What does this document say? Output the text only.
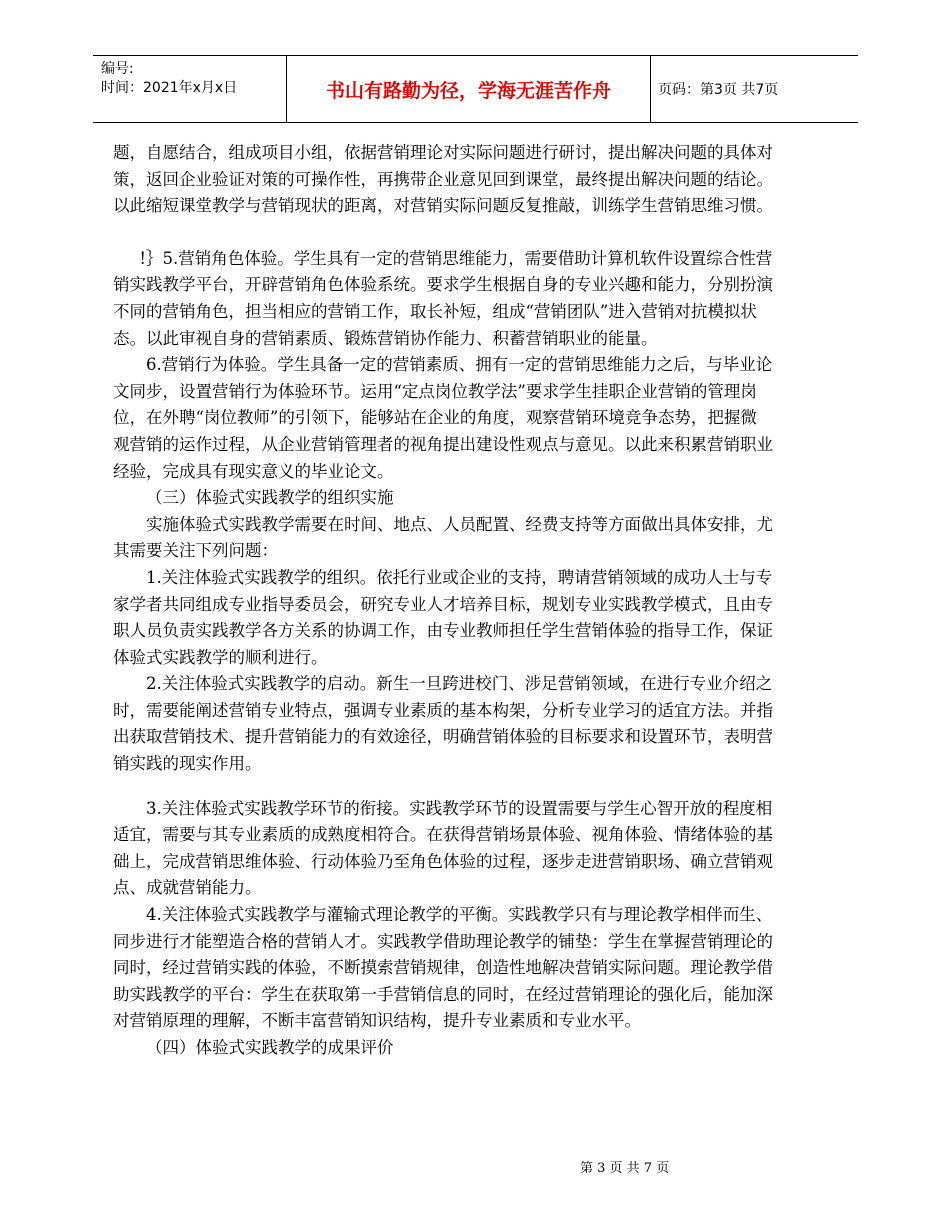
编号:
时间：2021年x月x日	书山有路勤为径，学海无涯苦作舟	页码：第3页 共7页

题，自愿结合，组成项目小组，依据营销理论对实际问题进行研讨，提出解决问题的具体对策，返回企业验证对策的可操作性，再携带企业意见回到课堂，最终提出解决问题的结论。以此缩短课堂教学与营销现状的距离，对营销实际问题反复推敲，训练学生营销思维习惯。

!｝5.营销角色体验。学生具有一定的营销思维能力，需要借助计算机软件设置综合性营销实践教学平台，开辟营销角色体验系统。要求学生根据自身的专业兴趣和能力，分别扮演不同的营销角色，担当相应的营销工作，取长补短，组成“营销团队”进入营销对抗模拟状态。以此审视自身的营销素质、锻炼营销协作能力、积蓄营销职业的能量。

6.营销行为体验。学生具备一定的营销素质、拥有一定的营销思维能力之后，与毕业论文同步，设置营销行为体验环节。运用“定点岗位教学法”要求学生挂职企业营销的管理岗位，在外聘“岗位教师”的引领下，能够站在企业的角度，观察营销环境竞争态势，把握微观营销的运作过程，从企业营销管理者的视角提出建设性观点与意见。以此来积累营销职业经验，完成具有现实意义的毕业论文。

（三）体验式实践教学的组织实施

实施体验式实践教学需要在时间、地点、人员配置、经费支持等方面做出具体安排，尤其需要关注下列问题：

1.关注体验式实践教学的组织。依托行业或企业的支持，聘请营销领域的成功人士与专家学者共同组成专业指导委员会，研究专业人才培养目标，规划专业实践教学模式，且由专职人员负责实践教学各方关系的协调工作，由专业教师担任学生营销体验的指导工作，保证体验式实践教学的顺利进行。

2.关注体验式实践教学的启动。新生一旦跨进校门、涉足营销领域，在进行专业介绍之时，需要能阐述营销专业特点，强调专业素质的基本构架，分析专业学习的适宜方法。并指出获取营销技术、提升营销能力的有效途径，明确营销体验的目标要求和设置环节，表明营销实践的现实作用。

3.关注体验式实践教学环节的衔接。实践教学环节的设置需要与学生心智开放的程度相适宜，需要与其专业素质的成熟度相符合。在获得营销场景体验、视角体验、情绪体验的基础上，完成营销思维体验、行动体验乃至角色体验的过程，逐步走进营销职场、确立营销观点、成就营销能力。

4.关注体验式实践教学与灌输式理论教学的平衡。实践教学只有与理论教学相伴而生、同步进行才能塑造合格的营销人才。实践教学借助理论教学的铺垫：学生在掌握营销理论的同时，经过营销实践的体验，不断摸索营销规律，创造性地解决营销实际问题。理论教学借助实践教学的平台：学生在获取第一手营销信息的同时，在经过营销理论的强化后，能加深对营销原理的理解，不断丰富营销知识结构，提升专业素质和专业水平。

（四）体验式实践教学的成果评价

第 3 页 共 7 页
